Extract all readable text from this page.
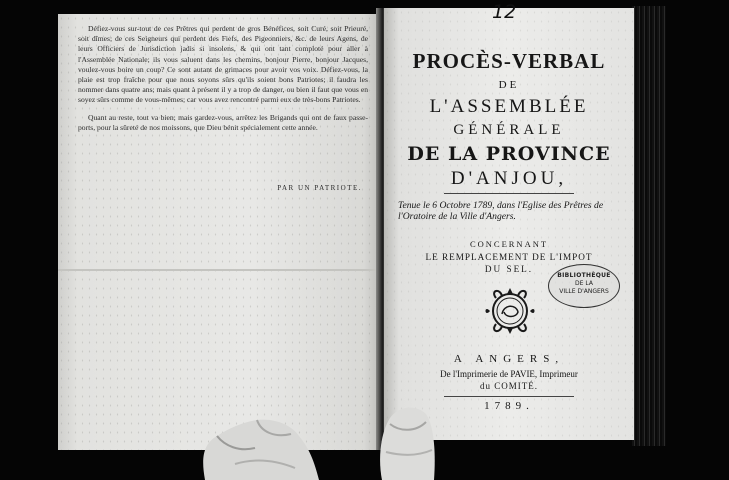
Défiez-vous sur-tout de ces Prêtres qui perdent de gros Bénéfices, soit Curé, soit Prieuré, soit dîmes; de ces Seigneurs qui perdent des Fiefs, des Pigeonniers, &c. de leurs Agens, de leurs Officiers de Jurisdiction jadis si insolens, & qui ont tant comploté pour aller à l'Assemblée Nationale; ils vous saluent dans les chemins, bonjour Pierre, bonjour Jacques, voulez-vous boire un coup? Ce sont autant de grimaces pour avoir vos voix. Défiez-vous, la plaie est trop fraîche pour que nous soyons sûrs qu'ils soient bons Patriotes; il faudra les nommer dans quatre ans; mais quant à présent il y a trop de danger, ou bien il faut que vous en soyez sûrs comme de vous-mêmes; car vous avez rencontré parmi eux de très-bons Patriotes.

Quant au reste, tout va bien; mais gardez-vous, arrêtez les Brigands qui ont de faux passe-ports, pour la sûreté de nos moissons, que Dieu bénit spécialement cette année.

PAR UN PATRIOTE.
PROCÈS-VERBAL
DE
L'ASSEMBLÉE
GÉNÉRALE
DE LA PROVINCE
D'ANJOU,
Tenue le 6 Octobre 1789, dans l'Eglise des Prêtres de l'Oratoire de la Ville d'Angers.
CONCERNANT
LE REMPLACEMENT DE L'IMPOT
DU SEL.
A ANGERS,
De l'Imprimerie de PAVIE, Imprimeur
du COMITÉ.
1789.
12
BIBLIOTHÈQUE
DE LA
VILLE D'ANGERS
